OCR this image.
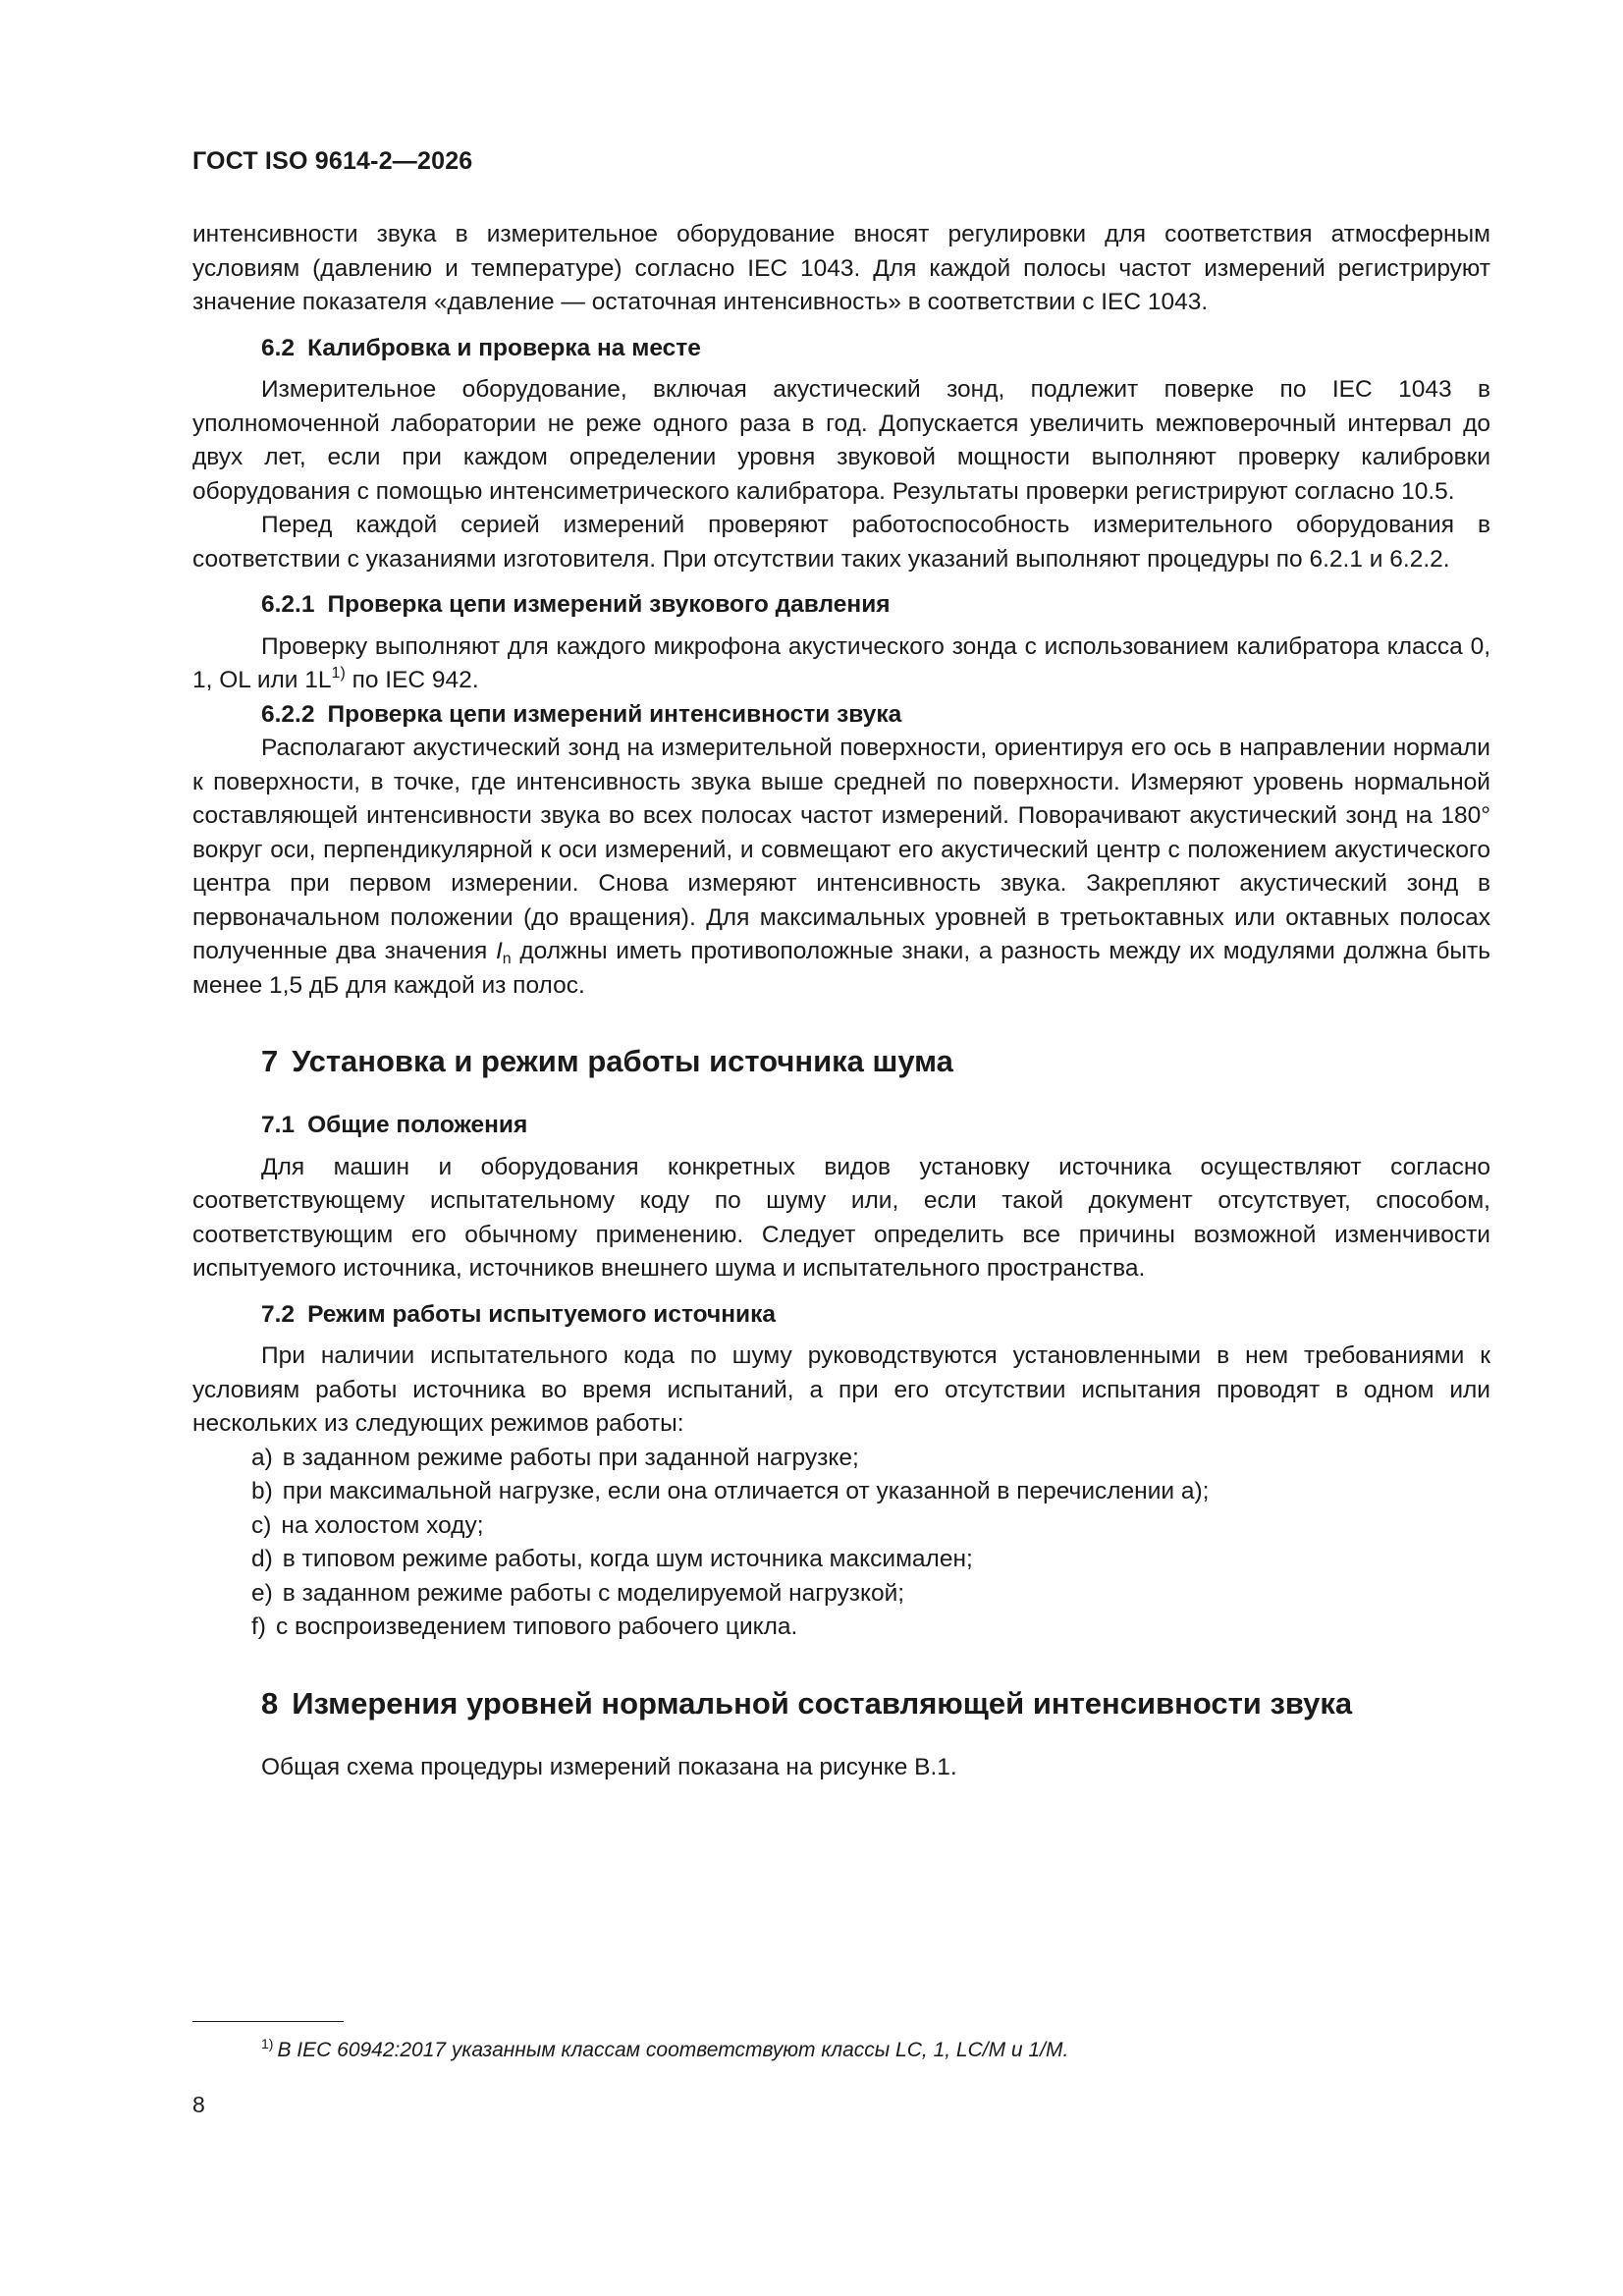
ГОСТ ISO 9614-2—2026

интенсивности звука в измерительное оборудование вносят регулировки для соответствия атмосферным условиям (давлению и температуре) согласно IEC 1043. Для каждой полосы частот измерений регистрируют значение показателя «давление — остаточная интенсивность» в соответствии с IEC 1043.

6.2 Калибровка и проверка на месте

Измерительное оборудование, включая акустический зонд, подлежит поверке по IEC 1043 в уполномоченной лаборатории не реже одного раза в год. Допускается увеличить межповерочный интервал до двух лет, если при каждом определении уровня звуковой мощности выполняют проверку калибровки оборудования с помощью интенсиметрического калибратора. Результаты проверки регистрируют согласно 10.5.

Перед каждой серией измерений проверяют работоспособность измерительного оборудования в соответствии с указаниями изготовителя. При отсутствии таких указаний выполняют процедуры по 6.2.1 и 6.2.2.

6.2.1 Проверка цепи измерений звукового давления

Проверку выполняют для каждого микрофона акустического зонда с использованием калибратора класса 0, 1, OL или $1L^{1)}$ по IEC 942.

6.2.2 Проверка цепи измерений интенсивности звука

Располагают акустический зонд на измерительной поверхности, ориентируя его ось в направлении нормали к поверхности, в точке, где интенсивность звука выше средней по поверхности. Измеряют уровень нормальной составляющей интенсивности звука во всех полосах частот измерений. Поворачивают акустический зонд на 180° вокруг оси, перпендикулярной к оси измерений, и совмещают его акустический центр с положением акустического центра при первом измерении. Снова измеряют интенсивность звука. Закрепляют акустический зонд в первоначальном положении (до вращения). Для максимальных уровней в третьоктавных или октавных полосах полученные два значения $I_n$ должны иметь противоположные знаки, а разность между их модулями должна быть менее 1,5 дБ для каждой из полос.

7 Установка и режим работы источника шума
7.1 Общие положения

Для машин и оборудования конкретных видов установку источника осуществляют согласно соответствующему испытательному коду по шуму или, если такой документ отсутствует, способом, соответствующим его обычному применению. Следует определить все причины возможной изменчивости испытуемого источника, источников внешнего шума и испытательного пространства.

7.2 Режим работы испытуемого источника

При наличии испытательного кода по шуму руководствуются установленными в нем требованиями к условиям работы источника во время испытаний, а при его отсутствии испытания проводят в одном или нескольких из следующих режимов работы:

a) в заданном режиме работы при заданной нагрузке;
b) при максимальной нагрузке, если она отличается от указанной в перечислении a);
c) на холостом ходу;
d) в типовом режиме работы, когда шум источника максимален;
e) в заданном режиме работы с моделируемой нагрузкой;
f) с воспроизведением типового рабочего цикла.
8 Измерения уровней нормальной составляющей интенсивности звука

Общая схема процедуры измерений показана на рисунке В.1.

$^{1)}$ В IEC 60942:2017 указанным классам соответствуют классы LC, 1, LC/M и 1/M.
8
